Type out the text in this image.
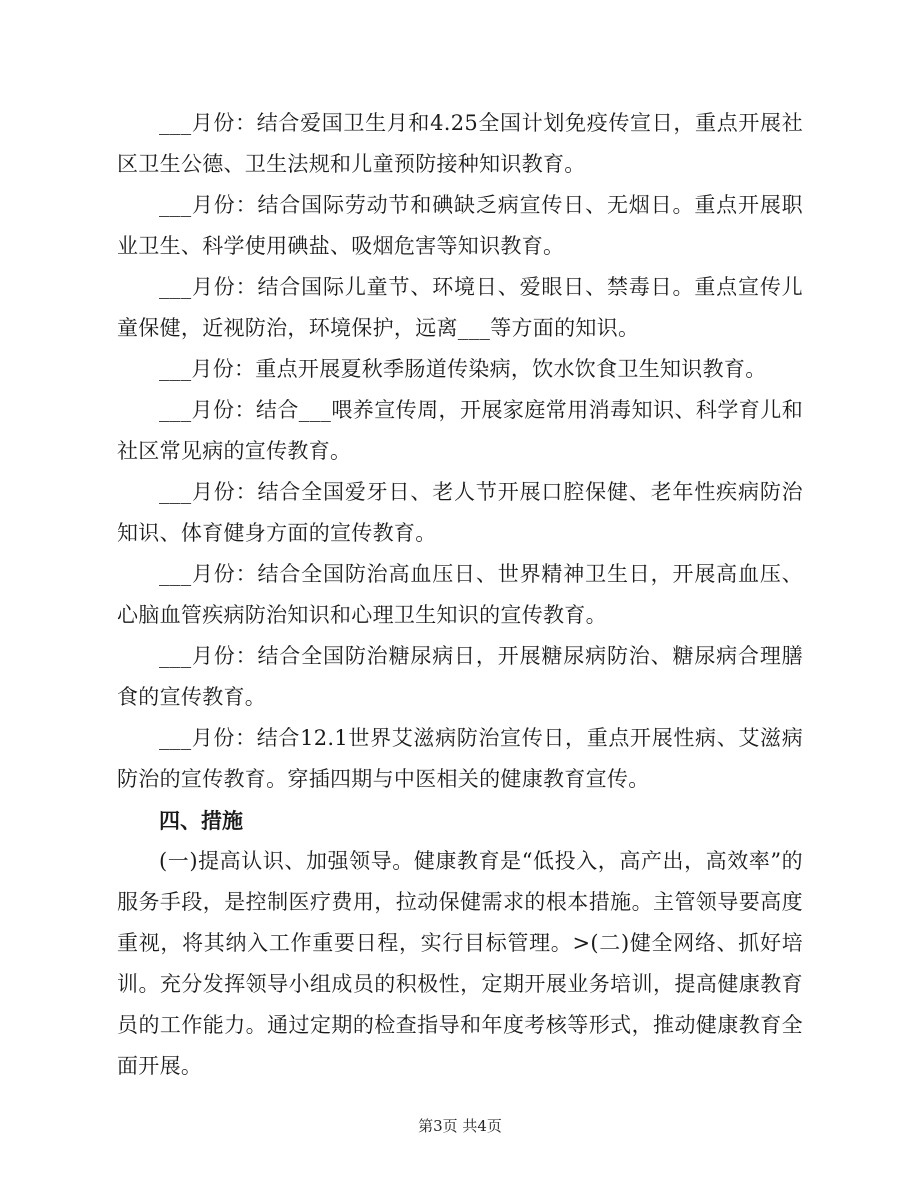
___月份：结合爱国卫生月和4.25全国计划免疫传宣日，重点开展社区卫生公德、卫生法规和儿童预防接种知识教育。

___月份：结合国际劳动节和碘缺乏病宣传日、无烟日。重点开展职业卫生、科学使用碘盐、吸烟危害等知识教育。

___月份：结合国际儿童节、环境日、爱眼日、禁毒日。重点宣传儿童保健，近视防治，环境保护，远离___等方面的知识。

___月份：重点开展夏秋季肠道传染病，饮水饮食卫生知识教育。

___月份：结合___喂养宣传周，开展家庭常用消毒知识、科学育儿和社区常见病的宣传教育。

___月份：结合全国爱牙日、老人节开展口腔保健、老年性疾病防治知识、体育健身方面的宣传教育。

___月份：结合全国防治高血压日、世界精神卫生日，开展高血压、心脑血管疾病防治知识和心理卫生知识的宣传教育。

___月份：结合全国防治糖尿病日，开展糖尿病防治、糖尿病合理膳食的宣传教育。

___月份：结合12.1世界艾滋病防治宣传日，重点开展性病、艾滋病防治的宣传教育。穿插四期与中医相关的健康教育宣传。

四、措施

(一)提高认识、加强领导。健康教育是“低投入，高产出，高效率”的服务手段，是控制医疗费用，拉动保健需求的根本措施。主管领导要高度重视，将其纳入工作重要日程，实行目标管理。>(二)健全网络、抓好培训。充分发挥领导小组成员的积极性，定期开展业务培训，提高健康教育员的工作能力。通过定期的检查指导和年度考核等形式，推动健康教育全面开展。

第3页 共4页
